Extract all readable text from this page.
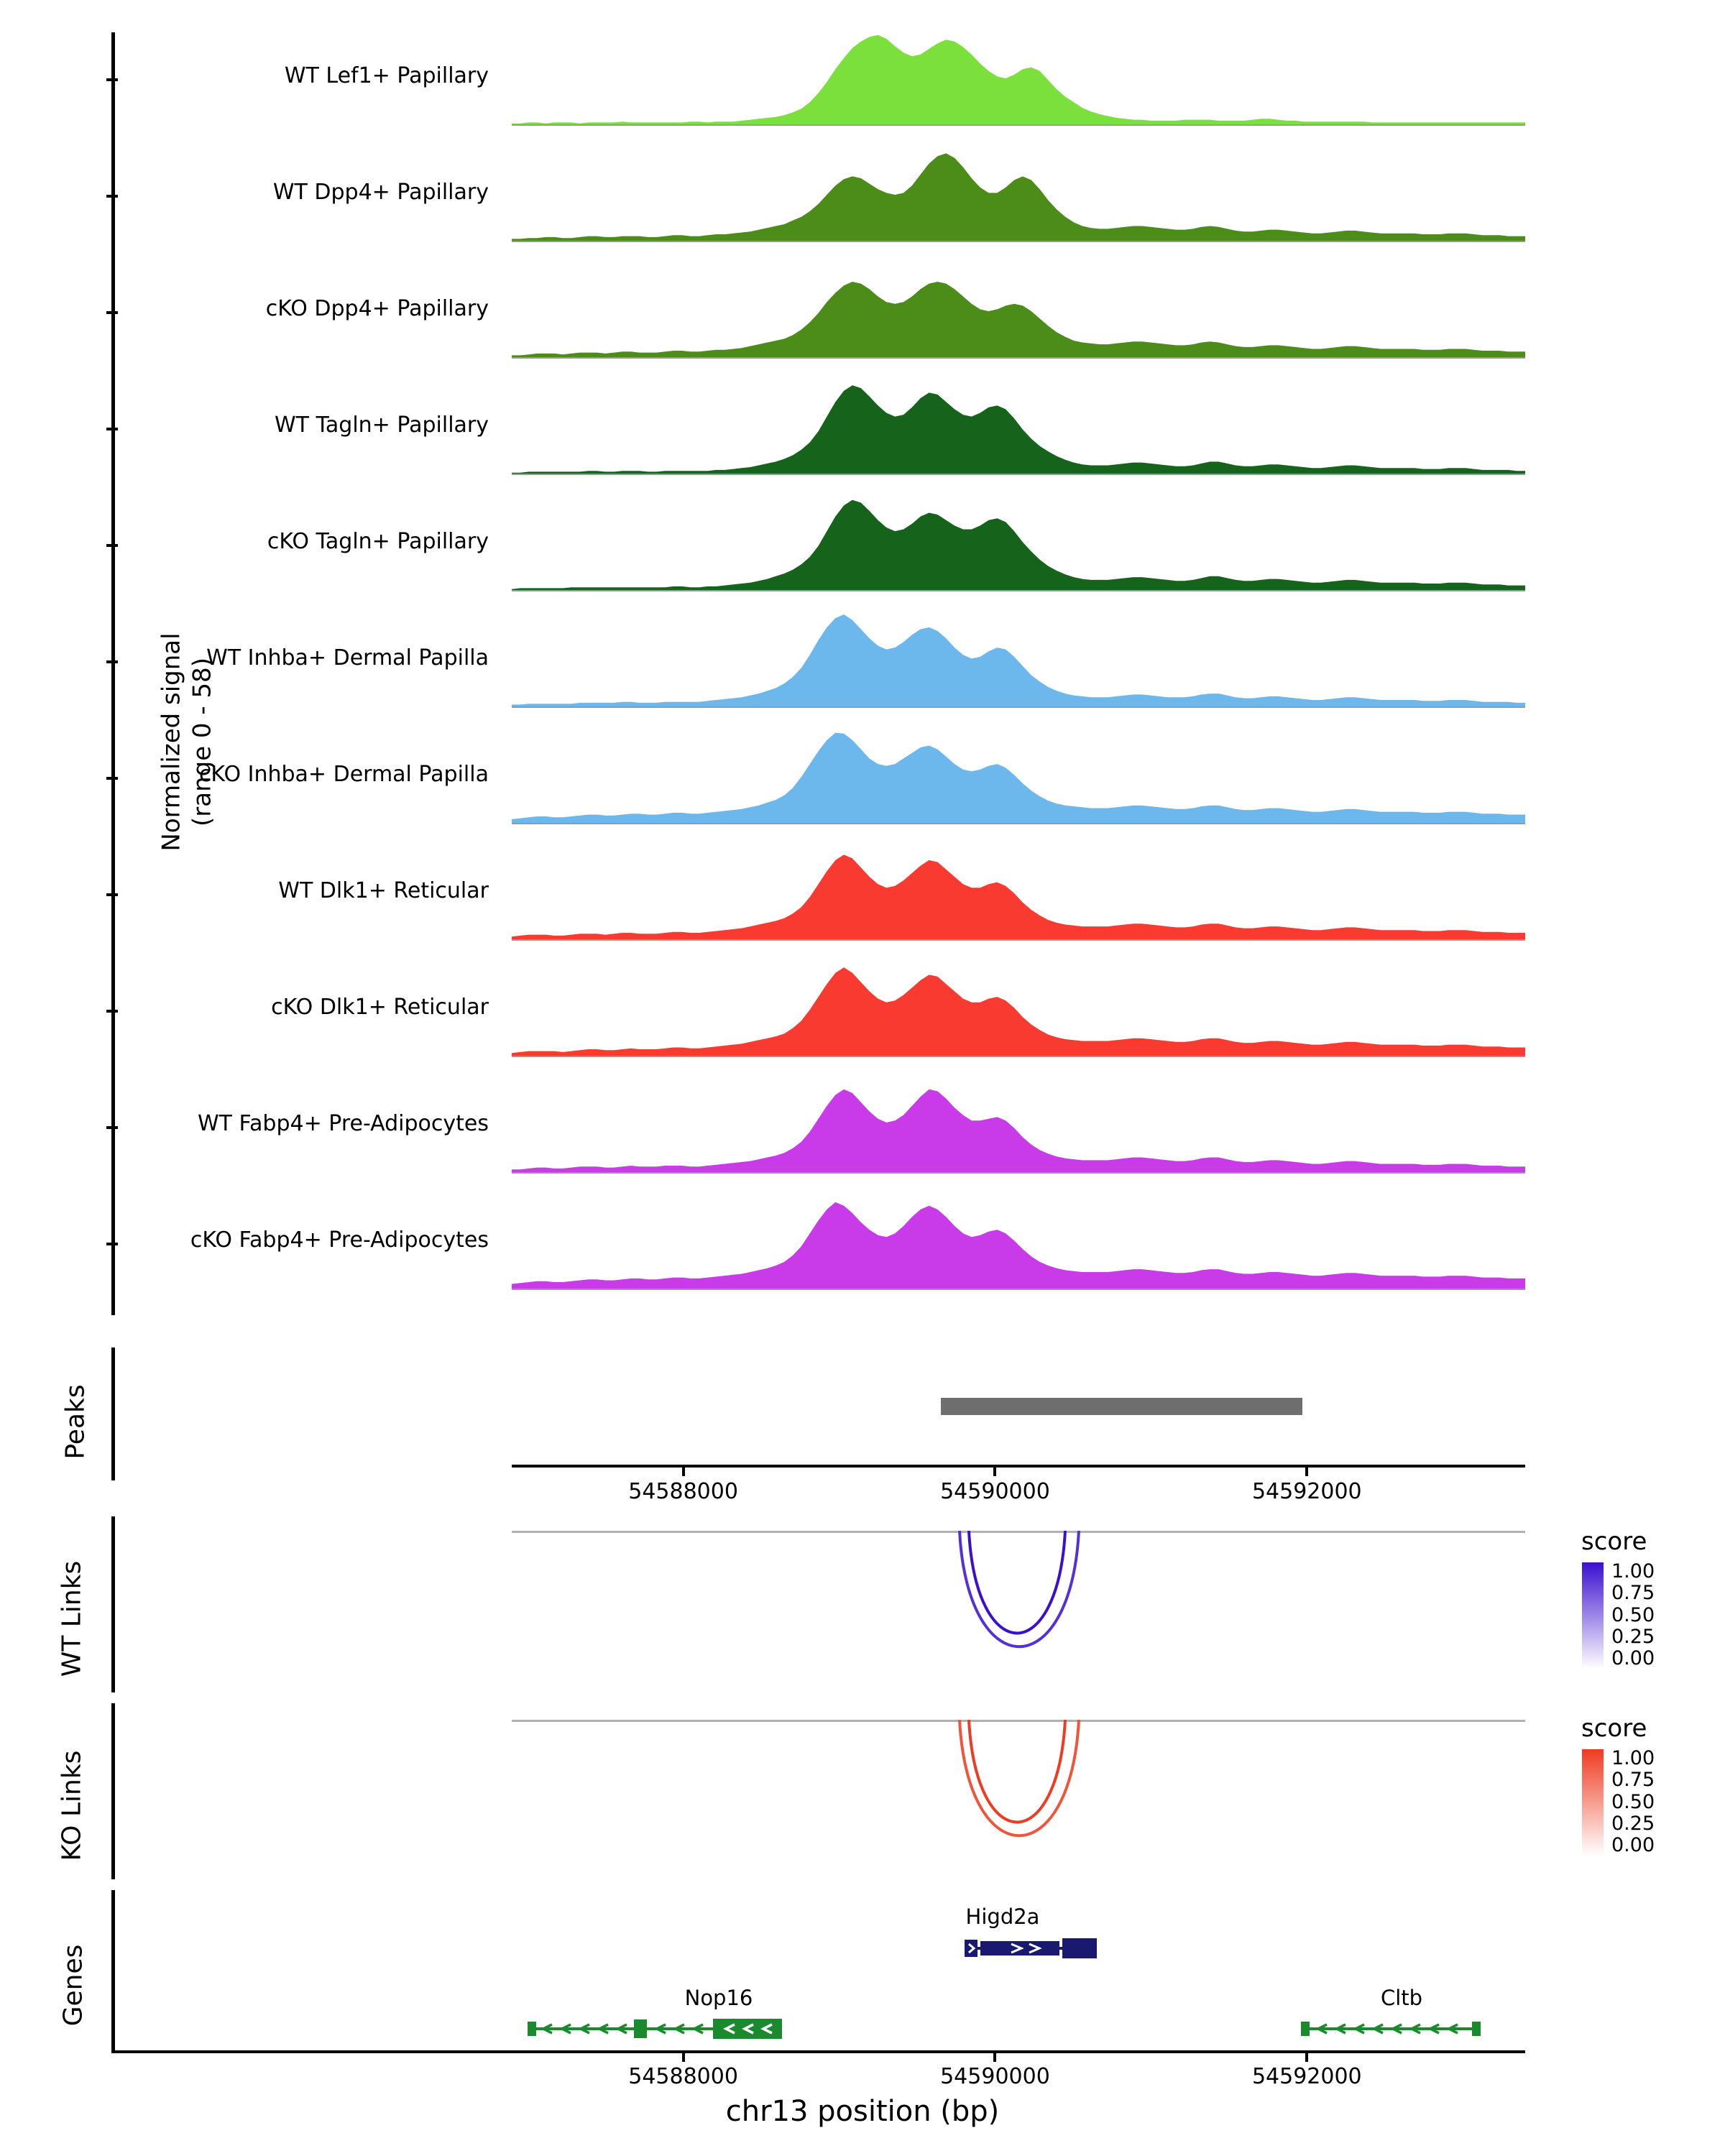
Normalized signal (range 0 - 58)
WT Lef1+ Papillary
WT Dpp4+ Papillary
cKO Dpp4+ Papillary
WT Tagln+ Papillary
cKO Tagln+ Papillary
WT Inhba+ Dermal Papilla
cKO Inhba+ Dermal Papilla
WT Dlk1+ Reticular
cKO Dlk1+ Reticular
WT Fabp4+ Pre-Adipocytes
cKO Fabp4+ Pre-Adipocytes
Peaks
54588000	54590000	54592000
WT Links
score
1.00
0.75
0.50
0.25
0.00
KO Links
score
1.00
0.75
0.50
0.25
0.00
Genes
Higd2a
Nop16	Cltb
54588000	54590000	54592000
chr13 position (bp)
